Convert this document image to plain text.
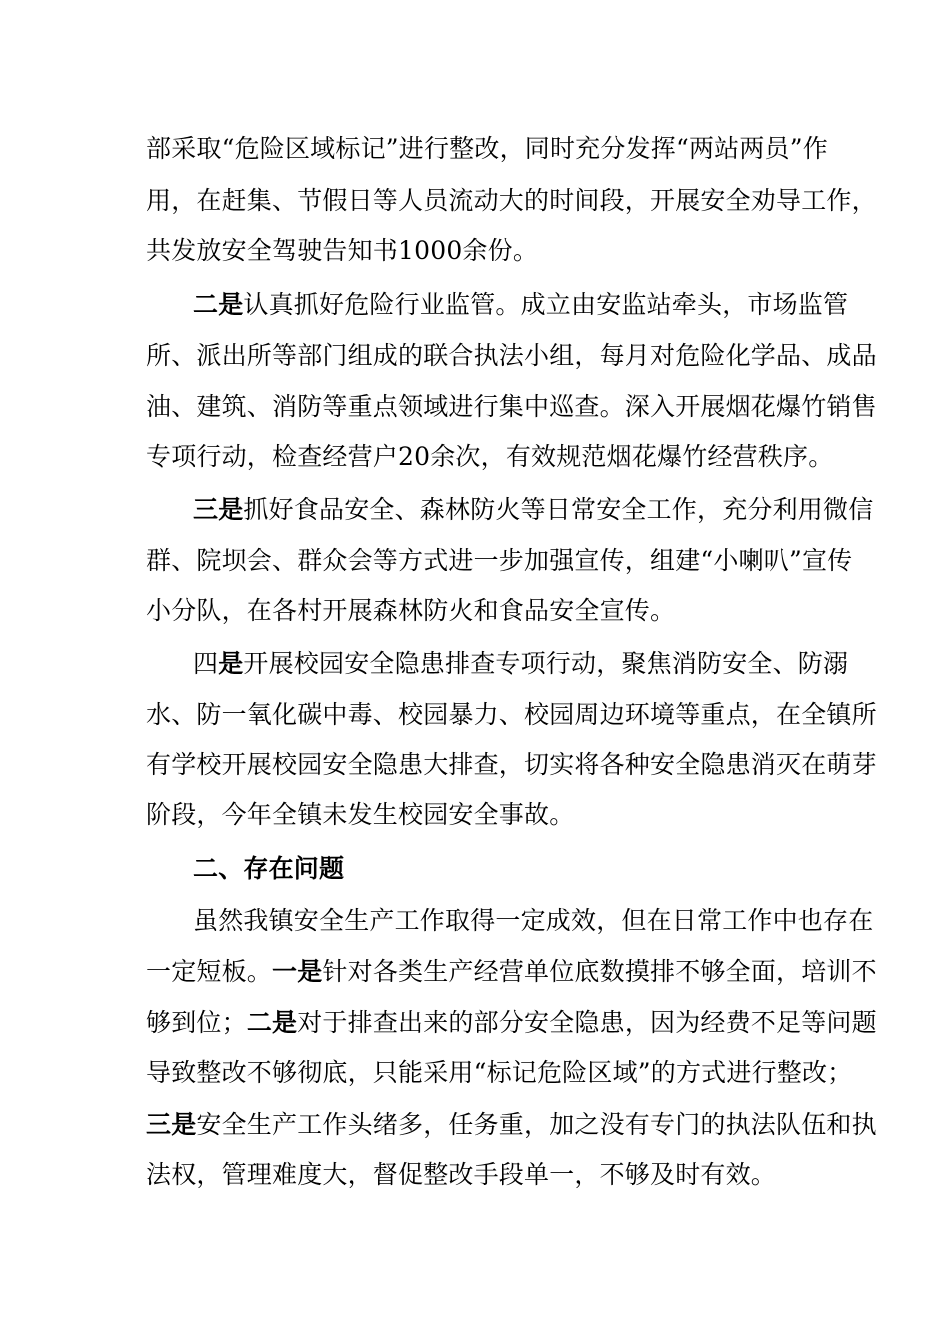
部采取“危险区域标记”进行整改，同时充分发挥“两站两员”作
用，在赶集、节假日等人员流动大的时间段，开展安全劝导工作，
共发放安全驾驶告知书1000余份。
二是认真抓好危险行业监管。成立由安监站牵头，市场监管
所、派出所等部门组成的联合执法小组，每月对危险化学品、成品
油、建筑、消防等重点领域进行集中巡查。深入开展烟花爆竹销售
专项行动，检查经营户20余次，有效规范烟花爆竹经营秩序。
三是抓好食品安全、森林防火等日常安全工作，充分利用微信
群、院坝会、群众会等方式进一步加强宣传，组建“小喇叭”宣传
小分队，在各村开展森林防火和食品安全宣传。
四是开展校园安全隐患排查专项行动，聚焦消防安全、防溺
水、防一氧化碳中毒、校园暴力、校园周边环境等重点，在全镇所
有学校开展校园安全隐患大排查，切实将各种安全隐患消灭在萌芽
阶段，今年全镇未发生校园安全事故。
二、存在问题
虽然我镇安全生产工作取得一定成效，但在日常工作中也存在
一定短板。一是针对各类生产经营单位底数摸排不够全面，培训不
够到位；二是对于排查出来的部分安全隐患，因为经费不足等问题
导致整改不够彻底，只能采用“标记危险区域”的方式进行整改；
三是安全生产工作头绪多，任务重，加之没有专门的执法队伍和执
法权，管理难度大，督促整改手段单一，不够及时有效。
